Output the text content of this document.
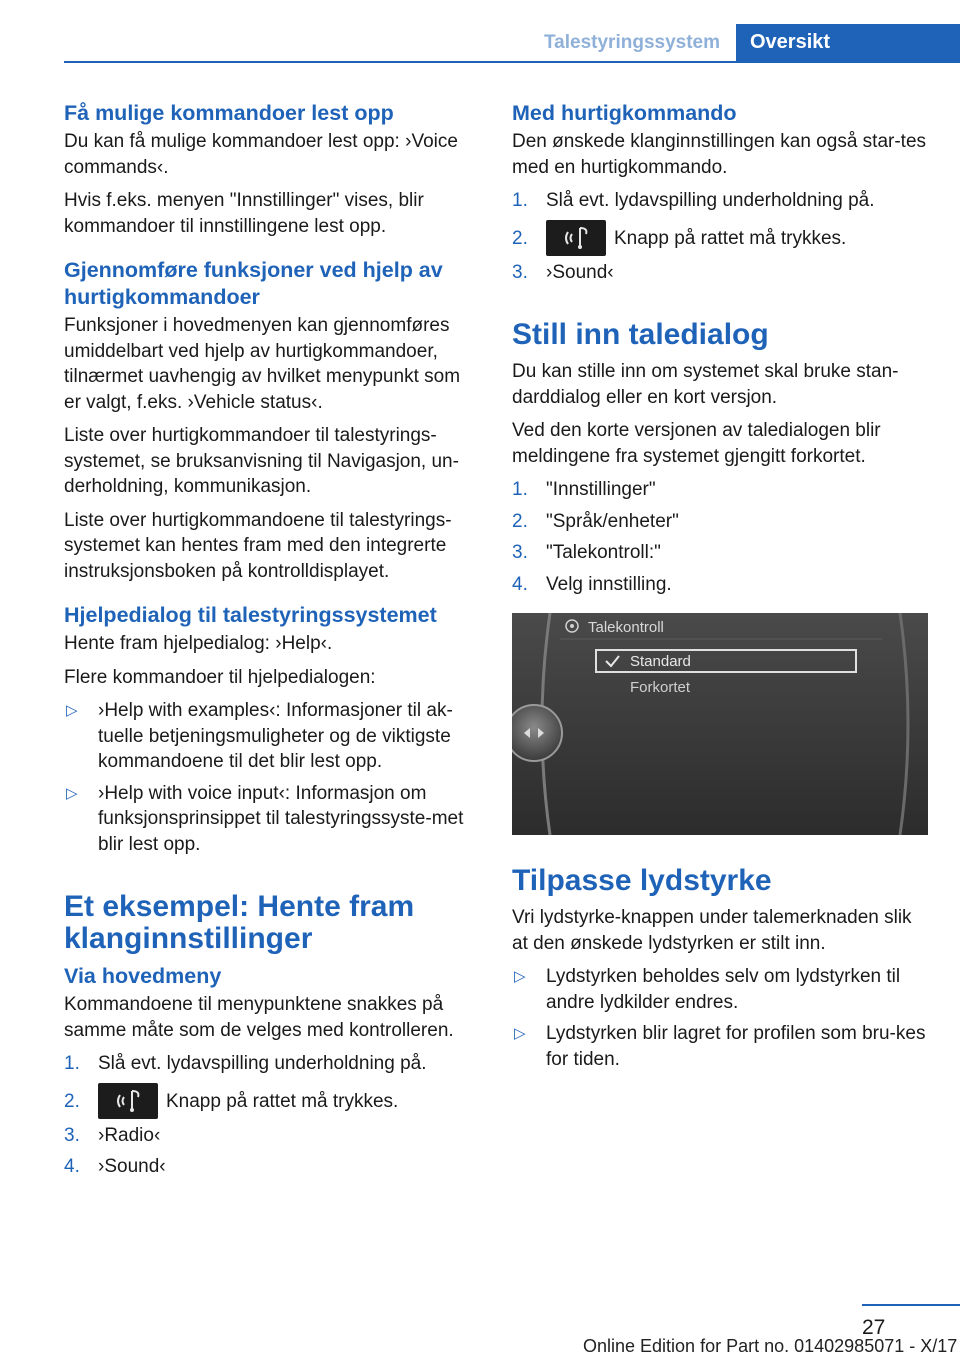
Talestyringssystem	Oversikt
Få mulige kommandoer lest opp

Du kan få mulige kommandoer lest opp: ›Voice commands‹.

Hvis f.eks. menyen "Innstillinger" vises, blir kommandoer til innstillingene lest opp.

Gjennomføre funksjoner ved hjelp av hurtigkommandoer

Funksjoner i hovedmenyen kan gjennomføres umiddelbart ved hjelp av hurtigkommandoer, tilnærmet uavhengig av hvilket menypunkt som er valgt, f.eks. ›Vehicle status‹.

Liste over hurtigkommandoer til talestyrings-systemet, se bruksanvisning til Navigasjon, un-derholdning, kommunikasjon.

Liste over hurtigkommandoene til talestyrings-systemet kan hentes fram med den integrerte instruksjonsboken på kontrolldisplayet.

Hjelpedialog til talestyringssystemet

Hente fram hjelpedialog: ›Help‹.

Flere kommandoer til hjelpedialogen:

▷ ›Help with examples‹: Informasjoner til ak-tuelle betjeningsmuligheter og de viktigste kommandoene til det blir lest opp.
▷ ›Help with voice input‹: Informasjon om funksjonsprinsippet til talestyringssyste-met blir lest opp.
Et eksempel: Hente fram klanginnstillinger
Via hovedmeny

Kommandoene til menypunktene snakkes på samme måte som de velges med kontrolleren.

1. Slå evt. lydavspilling underholdning på.
2.	Knapp på rattet må trykkes.
3. ›Radio‹
4. ›Sound‹
Med hurtigkommando

Den ønskede klanginnstillingen kan også star-tes med en hurtigkommando.

1. Slå evt. lydavspilling underholdning på.
2.	Knapp på rattet må trykkes.
3. ›Sound‹
Still inn taledialog

Du kan stille inn om systemet skal bruke stan-darddialog eller en kort versjon.

Ved den korte versjonen av taledialogen blir meldingene fra systemet gjengitt forkortet.

1. "Innstillinger"
2. "Språk/enheter"
3. "Talekontroll:"
4. Velg innstilling.
Talekontroll
Standard
Forkortet
Tilpasse lydstyrke

Vri lydstyrke-knappen under talemerknaden slik at den ønskede lydstyrken er stilt inn.

▷ Lydstyrken beholdes selv om lydstyrken til andre lydkilder endres.
▷ Lydstyrken blir lagret for profilen som bru-kes for tiden.
27
Online Edition for Part no. 01402985071 - X/17
